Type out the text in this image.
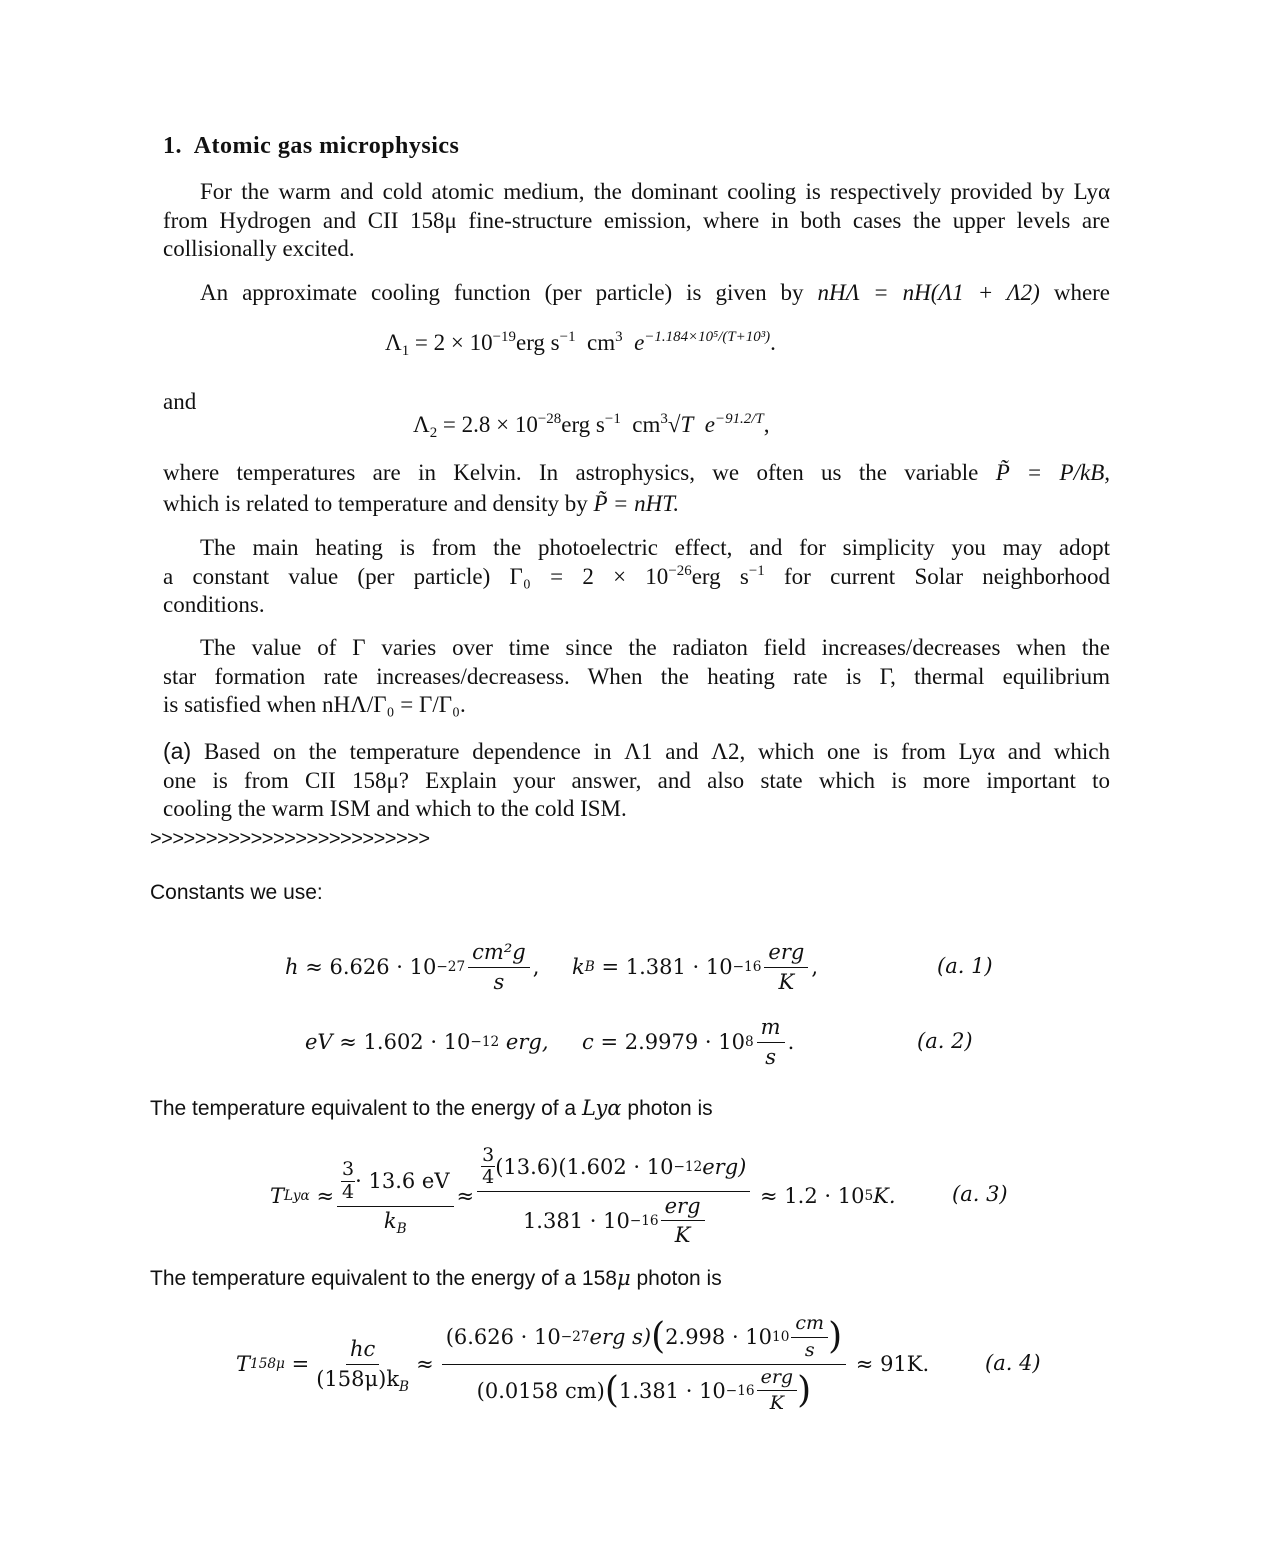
1. Atomic gas microphysics
For the warm and cold atomic medium, the dominant cooling is respectively provided by Lyα from Hydrogen and CII 158μ fine-structure emission, where in both cases the upper levels are collisionally excited.
An approximate cooling function (per particle) is given by nHΛ = nH(Λ1 + Λ2) where
$\Lambda_1 = 2 \times 10^{-19}erg$ $s^{-1}$ $cm^3$ $e^{-1.184\times 10^5/(T+10^3)}$.
and
$\Lambda_2 = 2.8 \times 10^{-28}erg$ $s^{-1}$ $cm^3√T$ $e^{-91.2/T}$,
where temperatures are in Kelvin. In astrophysics, we often us the variable P̃ = P/kB,
which is related to temperature and density by P̃ = nHT.
The main heating is from the photoelectric effect, and for simplicity you may adopt
a constant value (per particle) $\Gamma_0 = 2 \times 10^{-26}erg$ $s^{-1}$ for current Solar neighborhood
conditions.
The value of Γ varies over time since the radiaton field increases/decreases when the
star formation rate increases/decreasess. When the heating rate is Γ, thermal equilibrium
is satisfied when nHΛ/Γ₀ = Γ/Γ₀.
(a) Based on the temperature dependence in Λ1 and Λ2, which one is from Lyα and which
one is from CII 158μ? Explain your answer, and also state which is more important to
cooling the warm ISM and which to the cold ISM.
>>>>>>>>>>>>>>>>>>>>>>>>>
Constants we use:
h
≈ $6.626 \cdot 10 -27 \frac{\text{cm²g}}{s}$ , k B
= $1.381 \cdot 10 -16 \frac{\text{erg}}{K}$ ,	(a. 1)
eV
≈ 1.602 · 10 −12
erg, c
= 2.9979 · 10 $8 \frac{m}{s}$ .	(a. 2)
The temperature equivalent to the energy of a Lyα photon is
T $Ly\alpha \approx \frac{\frac{3}{4} \cdot 13.6 eV}{k_B} \approx \frac{\frac{3}{4} (13.6)(1.602 \cdot 10 -12 erg)}{1.381 \cdot 10 -16 \frac{\text{erg}}{K}}$
≈ 1.2 · 10 5 K.	(a. 3)
The temperature equivalent to the energy of a 158μ photon is
T $158\mu = \frac{hc}{(158\mu)k_B} \approx \frac{(6.626 \cdot 10 -27 erg s) ( 2.998 \cdot 10 10 \frac{cm}{s} )}{(0.0158 cm) ( 1.381 \cdot 10 -16 \frac{\text{erg}}{K} )}$
≈ 91K.	(a. 4)
